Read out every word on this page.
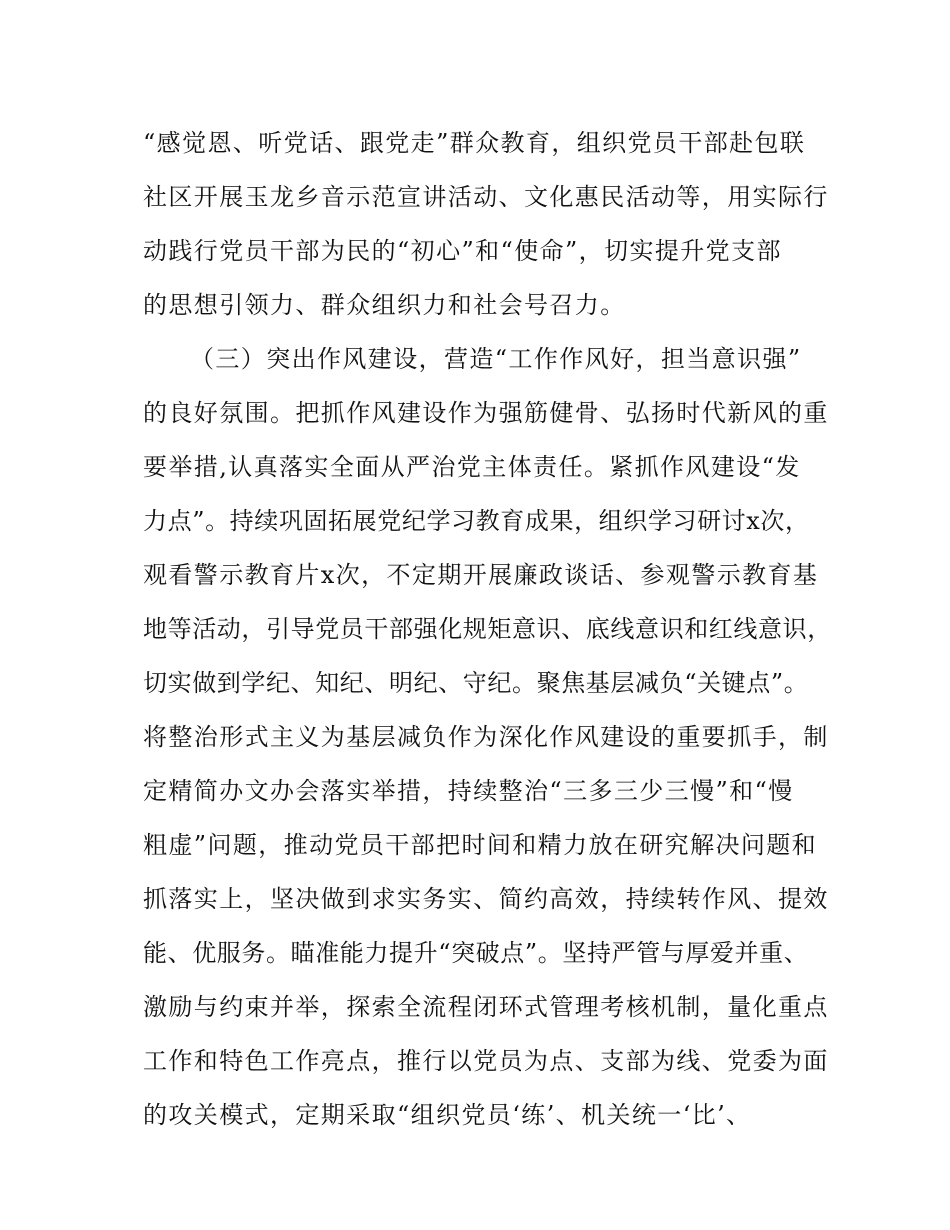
“感觉恩、听党话、跟党走”群众教育，组织党员干部赴包联
社区开展玉龙乡音示范宣讲活动、文化惠民活动等，用实际行
动践行党员干部为民的“初心”和“使命”，切实提升党支部
的思想引领力、群众组织力和社会号召力。
（三）突出作风建设，营造“工作作风好，担当意识强”
的良好氛围。把抓作风建设作为强筋健骨、弘扬时代新风的重
要举措,认真落实全面从严治党主体责任。紧抓作风建设“发
力点”。持续巩固拓展党纪学习教育成果，组织学习研讨x次，
观看警示教育片x次，不定期开展廉政谈话、参观警示教育基
地等活动，引导党员干部强化规矩意识、底线意识和红线意识，
切实做到学纪、知纪、明纪、守纪。聚焦基层减负“关键点”。
将整治形式主义为基层减负作为深化作风建设的重要抓手，制
定精简办文办会落实举措，持续整治“三多三少三慢”和“慢
粗虚”问题，推动党员干部把时间和精力放在研究解决问题和
抓落实上，坚决做到求实务实、简约高效，持续转作风、提效
能、优服务。瞄准能力提升“突破点”。坚持严管与厚爱并重、
激励与约束并举，探索全流程闭环式管理考核机制，量化重点
工作和特色工作亮点，推行以党员为点、支部为线、党委为面
的攻关模式，定期采取“组织党员‘练’、机关统一‘比’、
